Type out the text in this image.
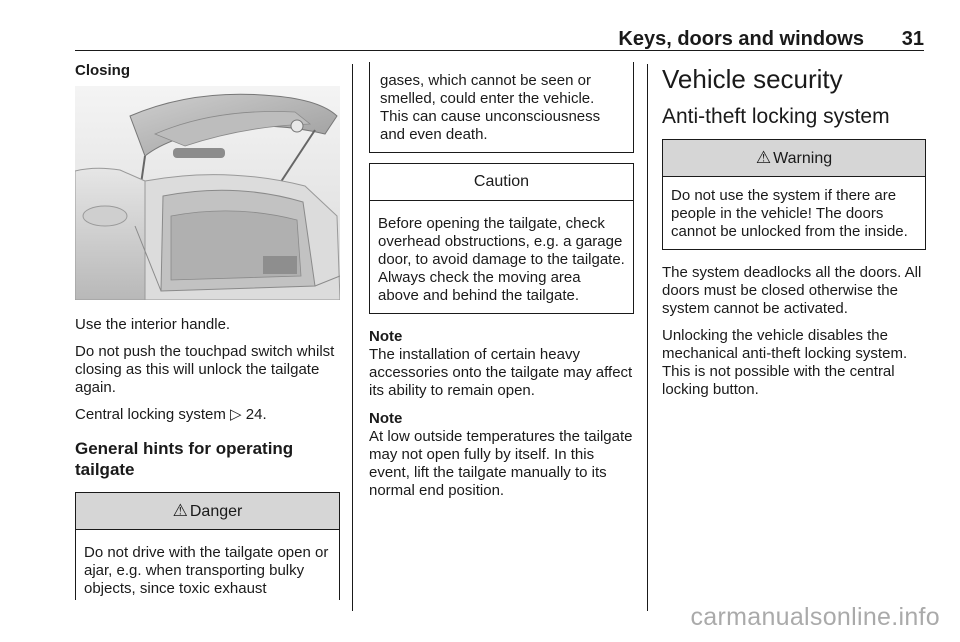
Keys, doors and windows 31
Closing

Use the interior handle.

Do not push the touchpad switch whilst closing as this will unlock the tailgate again.

Central locking system ▷ 24.

General hints for operating tailgate
⚠ Danger
Do not drive with the tailgate open or ajar, e.g. when transporting bulky objects, since toxic exhaust
gases, which cannot be seen or smelled, could enter the vehicle. This can cause unconsciousness and even death.
Caution
Before opening the tailgate, check overhead obstructions, e.g. a garage door, to avoid damage to the tailgate. Always check the moving area above and behind the tailgate.

Note
The installation of certain heavy accessories onto the tailgate may affect its ability to remain open.

Note
At low outside temperatures the tailgate may not open fully by itself. In this event, lift the tailgate manually to its normal end position.

Vehicle security
Anti-theft locking system
⚠ Warning
Do not use the system if there are people in the vehicle! The doors cannot be unlocked from the inside.

The system deadlocks all the doors. All doors must be closed otherwise the system cannot be activated.

Unlocking the vehicle disables the mechanical anti-theft locking system. This is not possible with the central locking button.

carmanualsonline.info
